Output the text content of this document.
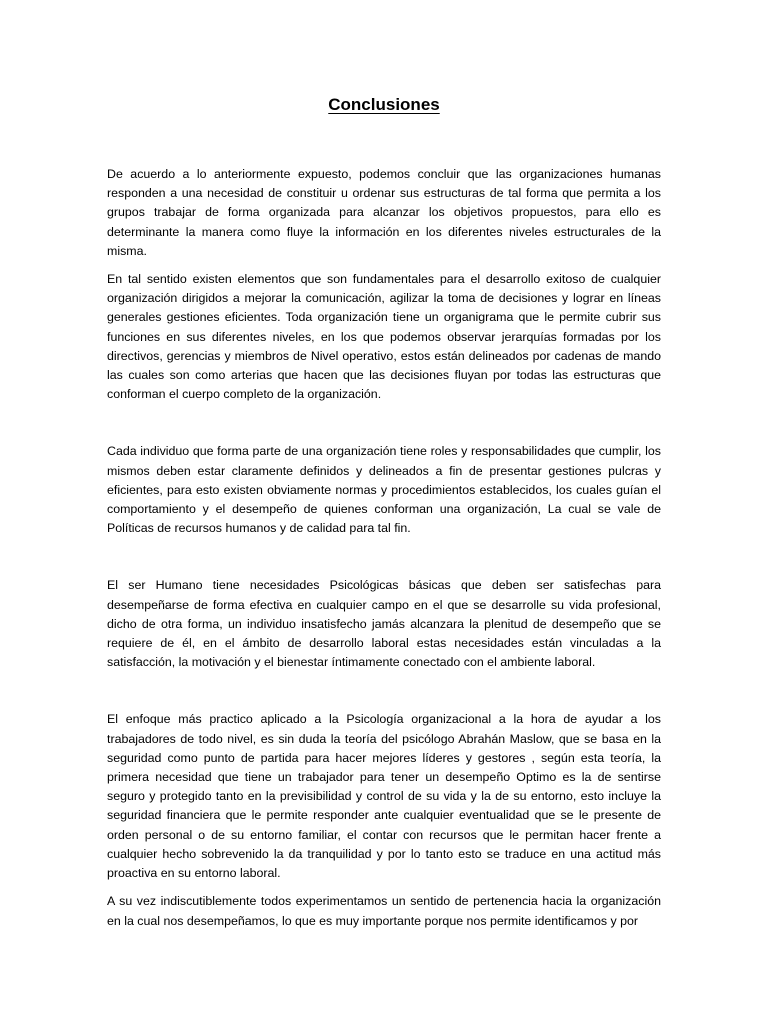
Conclusiones

De acuerdo a lo anteriormente expuesto, podemos concluir que las organizaciones humanas responden a una necesidad de constituir u ordenar sus estructuras de tal forma que permita a los grupos trabajar de forma organizada para alcanzar los objetivos propuestos, para ello es determinante la manera como fluye la información en los diferentes niveles estructurales de la misma.

En tal sentido existen elementos que son fundamentales para el desarrollo exitoso de cualquier organización dirigidos a mejorar la comunicación, agilizar la toma de decisiones y lograr en líneas generales gestiones eficientes. Toda organización tiene un organigrama que le permite cubrir sus funciones en sus diferentes niveles, en los que podemos observar jerarquías formadas por los directivos, gerencias y miembros de Nivel operativo, estos están delineados por cadenas de mando las cuales son como arterias que hacen que las decisiones fluyan por todas las estructuras que conforman el cuerpo completo de la organización.

Cada individuo que forma parte de una organización tiene roles y responsabilidades que cumplir, los mismos deben estar claramente definidos y delineados a fin de presentar gestiones pulcras y eficientes, para esto existen obviamente normas y procedimientos establecidos, los cuales guían el comportamiento y el desempeño de quienes conforman una organización, La cual se vale de Políticas de recursos humanos y de calidad para tal fin.

El ser Humano tiene necesidades Psicológicas básicas que deben ser satisfechas para desempeñarse de forma efectiva en cualquier campo en el que se desarrolle su vida profesional, dicho de otra forma, un individuo insatisfecho jamás alcanzara la plenitud de desempeño que se requiere de él, en el ámbito de desarrollo laboral estas necesidades están vinculadas a la satisfacción, la motivación y el bienestar íntimamente conectado con el ambiente laboral.

El enfoque más practico aplicado a la Psicología organizacional a la hora de ayudar a los trabajadores de todo nivel, es sin duda la teoría del psicólogo Abrahán Maslow, que se basa en la seguridad como punto de partida para hacer mejores líderes y gestores , según esta teoría, la primera necesidad que tiene un trabajador para tener un desempeño Optimo es la de sentirse seguro y protegido tanto en la previsibilidad y control de su vida y la de su entorno, esto incluye la seguridad financiera que le permite responder ante cualquier eventualidad que se le presente de orden personal o de su entorno familiar, el contar con recursos que le permitan hacer frente a cualquier hecho sobrevenido la da tranquilidad y por lo tanto esto se traduce en una actitud más proactiva en su entorno laboral.

A su vez indiscutiblemente todos experimentamos un sentido de pertenencia hacia la organización en la cual nos desempeñamos, lo que es muy importante porque nos permite identificamos y por
